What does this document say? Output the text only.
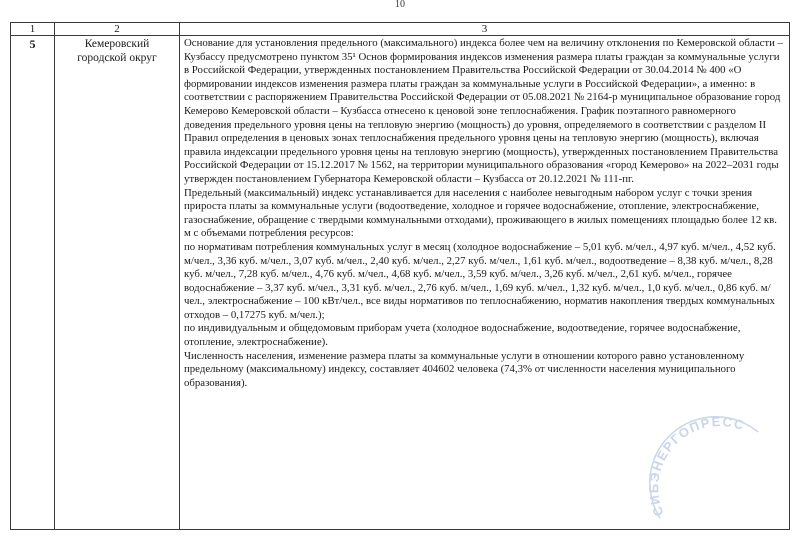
10
1	2	3
5	Кемеровский городской округ	Основание для установления предельного (максимального) индекса более чем на величину отклонения по Кемеровской области – Кузбассу предусмотрено пунктом 35¹ Основ формирования индексов изменения размера платы граждан за коммунальные услуги в Российской Федерации, утвержденных постановлением Правительства Российской Федерации от 30.04.2014 № 400 «О формировании индексов изменения размера платы граждан за коммунальные услуги в Российской Федерации», а именно: в соответствии с распоряжением Правительства Российской Федерации от 05.08.2021 № 2164-р муниципальное образование город Кемерово Кемеровской области – Кузбасса отнесено к ценовой зоне теплоснабжения. График поэтапного равномерного доведения предельного уровня цены на тепловую энергию (мощность) до уровня, определяемого в соответствии с разделом II Правил определения в ценовых зонах теплоснабжения предельного уровня цены на тепловую энергию (мощность), включая правила индексации предельного уровня цены на тепловую энергию (мощность), утвержденных постановлением Правительства Российской Федерации от 15.12.2017 № 1562, на территории муниципального образования «город Кемерово» на 2022–2031 годы утвержден постановлением Губернатора Кемеровской области – Кузбасса от 20.12.2021 № 111-пг.

Предельный (максимальный) индекс устанавливается для населения с наиболее невыгодным набором услуг с точки зрения прироста платы за коммунальные услуги (водоотведение, холодное и горячее водоснабжение, отопление, электроснабжение, газоснабжение, обращение с твердыми коммунальными отходами), проживающего в жилых помещениях площадью более 12 кв. м с объемами потребления ресурсов:

по нормативам потребления коммунальных услуг в месяц (холодное водоснабжение – 5,01 куб. м/чел., 4,97 куб. м/чел., 4,52 куб. м/чел., 3,36 куб. м/чел., 3,07 куб. м/чел., 2,40 куб. м/чел., 2,27 куб. м/чел., 1,61 куб. м/чел., водоотведение – 8,38 куб. м/чел., 8,28 куб. м/чел., 7,28 куб. м/чел., 4,76 куб. м/чел., 4,68 куб. м/чел., 3,59 куб. м/чел., 3,26 куб. м/чел., 2,61 куб. м/чел., горячее водоснабжение – 3,37 куб. м/чел., 3,31 куб. м/чел., 2,76 куб. м/чел., 1,69 куб. м/чел., 1,32 куб. м/чел., 1,0 куб. м/чел., 0,86 куб. м/чел., электроснабжение – 100 кВт/чел., все виды нормативов по теплоснабжению, норматив накопления твердых коммунальных отходов – 0,17275 куб. м/чел.);

по индивидуальным и общедомовым приборам учета (холодное водоснабжение, водоотведение, горячее водоснабжение, отопление, электроснабжение).

Численность населения, изменение размера платы за коммунальные услуги в отношении которого равно установленному предельному (максимальному) индексу, составляет 404602 человека (74,3% от численности населения муниципального образования).

СИБЭНЕРГОПРЕСС
